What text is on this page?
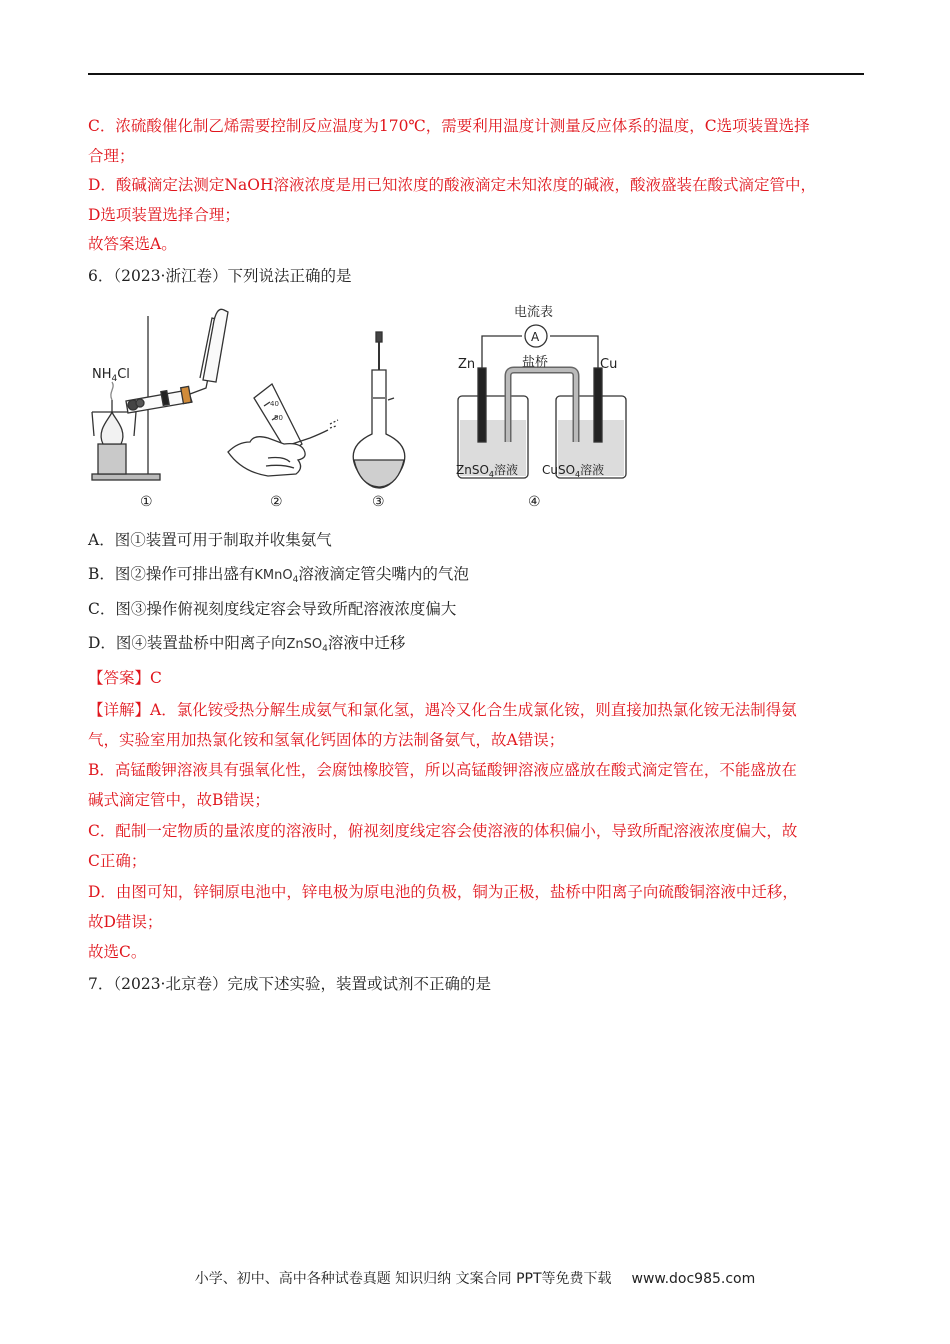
C．浓硫酸催化制乙烯需要控制反应温度为170℃，需要利用温度计测量反应体系的温度，C选项装置选择
合理；
D．酸碱滴定法测定NaOH溶液浓度是用已知浓度的酸液滴定未知浓度的碱液，酸液盛装在酸式滴定管中，
D选项装置选择合理；
故答案选A。
6．（2023·浙江卷）下列说法正确的是
$NH_4Cl$
40
50
电流表
A
盐桥
Zn	Cu
ZnSO$_4$溶液 CuSO$_4$溶液
①	②	③	④
A．图①装置可用于制取并收集氨气
B．图②操作可排出盛有KMnO$_4$溶液滴定管尖嘴内的气泡
C．图③操作俯视刻度线定容会导致所配溶液浓度偏大
D．图④装置盐桥中阳离子向ZnSO$_4$溶液中迁移
【答案】C
【详解】A．氯化铵受热分解生成氨气和氯化氢，遇冷又化合生成氯化铵，则直接加热氯化铵无法制得氨
气，实验室用加热氯化铵和氢氧化钙固体的方法制备氨气，故A错误；
B．高锰酸钾溶液具有强氧化性，会腐蚀橡胶管，所以高锰酸钾溶液应盛放在酸式滴定管在，不能盛放在
碱式滴定管中，故B错误；
C．配制一定物质的量浓度的溶液时，俯视刻度线定容会使溶液的体积偏小，导致所配溶液浓度偏大，故
C正确；
D．由图可知，锌铜原电池中，锌电极为原电池的负极，铜为正极，盐桥中阳离子向硫酸铜溶液中迁移，
故D错误；
故选C。
7．（2023·北京卷）完成下述实验，装置或试剂不正确的是
小学、初中、高中各种试卷真题 知识归纳 文案合同 PPT等免费下载 www.doc985.com
